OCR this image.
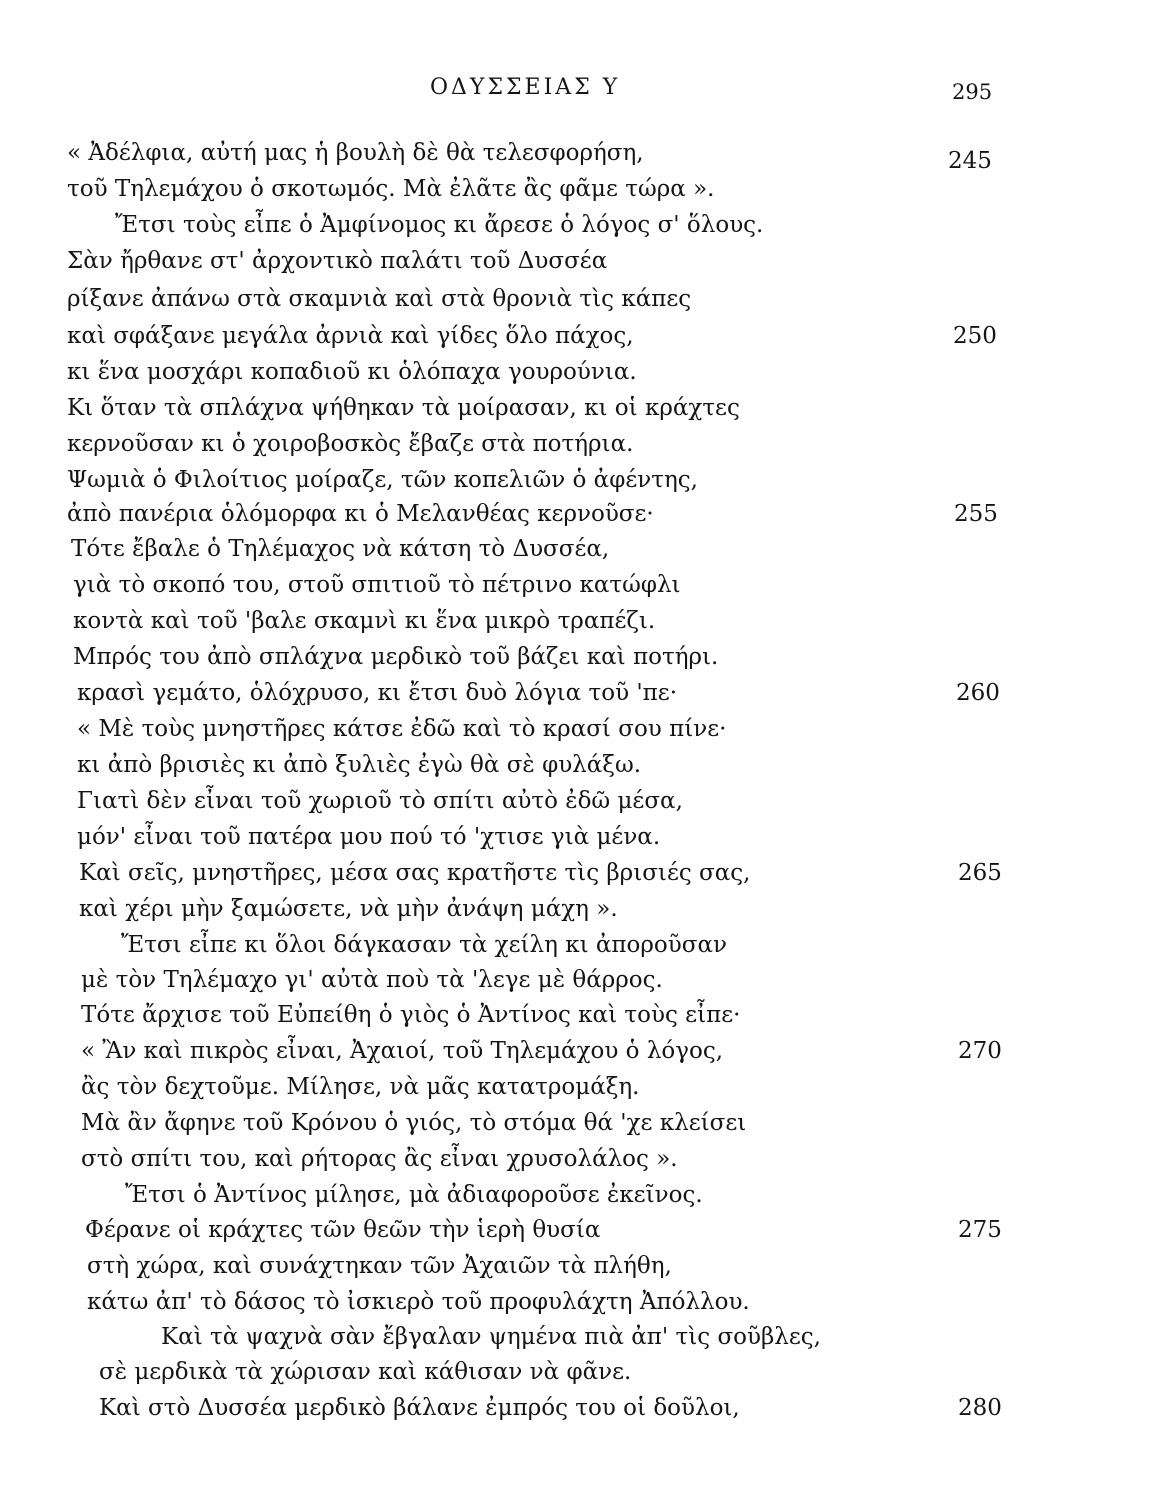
ΟΔΥΣΣΕΙΑΣ Υ	295
« Ἀδέλφια, αὐτή μας ἡ βουλὴ δὲ θὰ τελεσφορήση,
τοῦ Τηλεμάχου ὁ σκοτωμός. Μὰ ἐλᾶτε ἂς φᾶμε τώρα ».
Ἔτσι τοὺς εἶπε ὁ Ἀμφίνομος κι ἄρεσε ὁ λόγος σ' ὅλους.
Σὰν ἤρθανε στ' ἀρχοντικὸ παλάτι τοῦ Δυσσέα
ρίξανε ἀπάνω στὰ σκαμνιὰ καὶ στὰ θρονιὰ τὶς κάπες
καὶ σφάξανε μεγάλα ἀρνιὰ καὶ γίδες ὅλο πάχος,
κι ἕνα μοσχάρι κοπαδιοῦ κι ὁλόπαχα γουρούνια.
Κι ὅταν τὰ σπλάχνα ψήθηκαν τὰ μοίρασαν, κι οἱ κράχτες
κερνοῦσαν κι ὁ χοιροβοσκὸς ἔβαζε στὰ ποτήρια.
Ψωμιὰ ὁ Φιλοίτιος μοίραζε, τῶν κοπελιῶν ὁ ἀφέντης,
ἀπὸ πανέρια ὁλόμορφα κι ὁ Μελανθέας κερνοῦσε·
Τότε ἔβαλε ὁ Τηλέμαχος νὰ κάτση τὸ Δυσσέα,
γιὰ τὸ σκοπό του, στοῦ σπιτιοῦ τὸ πέτρινο κατώφλι
κοντὰ καὶ τοῦ 'βαλε σκαμνὶ κι ἕνα μικρὸ τραπέζι.
Μπρός του ἀπὸ σπλάχνα μερδικὸ τοῦ βάζει καὶ ποτήρι.
κρασὶ γεμάτο, ὁλόχρυσο, κι ἔτσι δυὸ λόγια τοῦ 'πε·
« Μὲ τοὺς μνηστῆρες κάτσε ἐδῶ καὶ τὸ κρασί σου πίνε·
κι ἀπὸ βρισιὲς κι ἀπὸ ξυλιὲς ἐγὼ θὰ σὲ φυλάξω.
Γιατὶ δὲν εἶναι τοῦ χωριοῦ τὸ σπίτι αὐτὸ ἐδῶ μέσα,
μόν' εἶναι τοῦ πατέρα μου πού τό 'χτισε γιὰ μένα.
Καὶ σεῖς, μνηστῆρες, μέσα σας κρατῆστε τὶς βρισιές σας,
καὶ χέρι μὴν ξαμώσετε, νὰ μὴν ἀνάψη μάχη ».
Ἔτσι εἶπε κι ὅλοι δάγκασαν τὰ χείλη κι ἀποροῦσαν
μὲ τὸν Τηλέμαχο γι' αὐτὰ ποὺ τὰ 'λεγε μὲ θάρρος.
Τότε ἄρχισε τοῦ Εὐπείθη ὁ γιὸς ὁ Ἀντίνος καὶ τοὺς εἶπε·
« Ἂν καὶ πικρὸς εἶναι, Ἀχαιοί, τοῦ Τηλεμάχου ὁ λόγος,
ἂς τὸν δεχτοῦμε. Μίλησε, νὰ μᾶς κατατρομάξη.
Μὰ ἂν ἄφηνε τοῦ Κρόνου ὁ γιός, τὸ στόμα θά 'χε κλείσει
στὸ σπίτι του, καὶ ρήτορας ἂς εἶναι χρυσολάλος ».
Ἔτσι ὁ Ἀντίνος μίλησε, μὰ ἀδιαφοροῦσε ἐκεῖνος.
Φέρανε οἱ κράχτες τῶν θεῶν τὴν ἱερὴ θυσία
στὴ χώρα, καὶ συνάχτηκαν τῶν Ἀχαιῶν τὰ πλήθη,
κάτω ἀπ' τὸ δάσος τὸ ἰσκιερὸ τοῦ προφυλάχτη Ἀπόλλου.
Καὶ τὰ ψαχνὰ σὰν ἔβγαλαν ψημένα πιὰ ἀπ' τὶς σοῦβλες,
σὲ μερδικὰ τὰ χώρισαν καὶ κάθισαν νὰ φᾶνε.
Καὶ στὸ Δυσσέα μερδικὸ βάλανε ἐμπρός του οἱ δοῦλοι,
245
250
255
260
265
270
275
280
